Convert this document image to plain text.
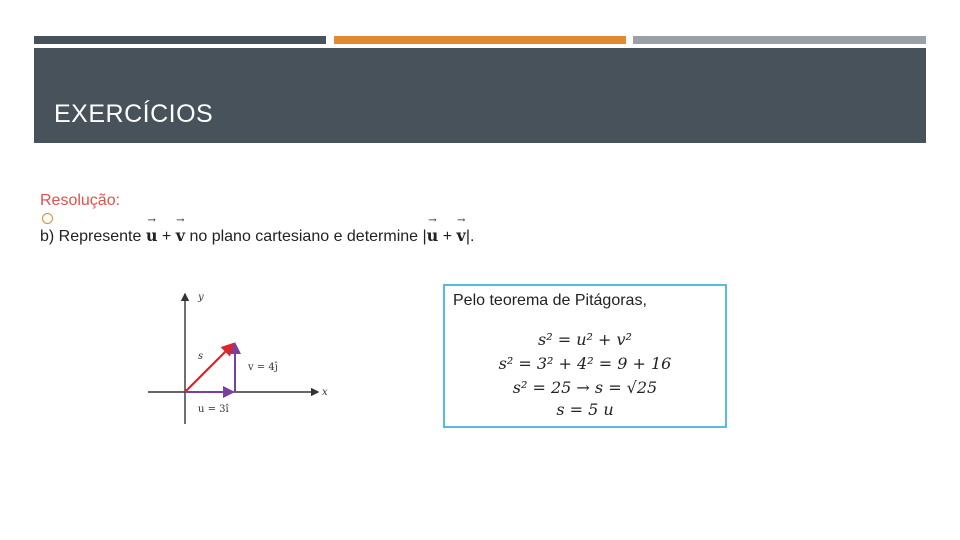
EXERCÍCIOS
Resolução:
b) Represente → u + → v no plano cartesiano e determine |→ u + → v|.
y
x
s
v = 4ĵ
u = 3î
Pelo teorema de Pitágoras,
s² = u² + v²
s² = 3² + 4² = 9 + 16
s² = 25 → s = √25
s = 5 u
